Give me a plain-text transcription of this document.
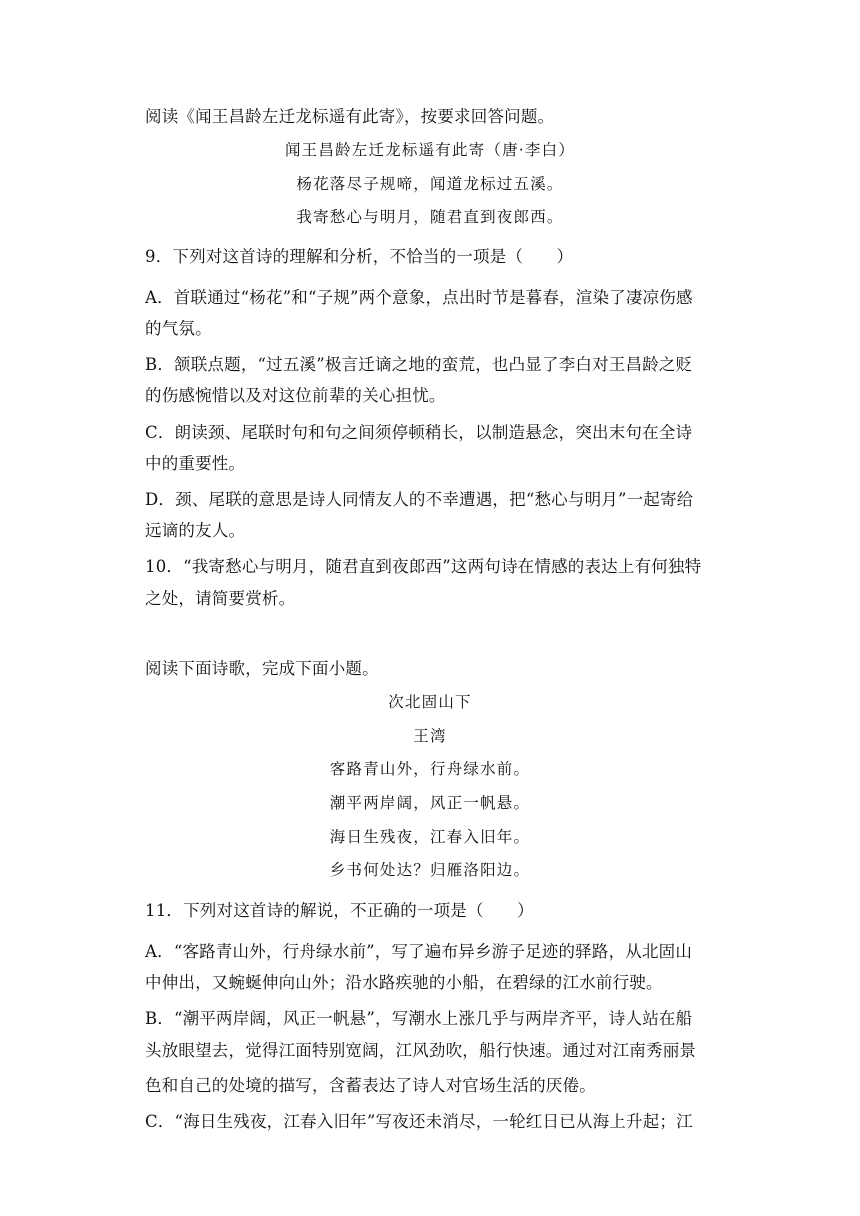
阅读《闻王昌龄左迁龙标遥有此寄》，按要求回答问题。
闻王昌龄左迁龙标遥有此寄（唐·李白）
杨花落尽子规啼，闻道龙标过五溪。
我寄愁心与明月，随君直到夜郎西。
9．下列对这首诗的理解和分析，不恰当的一项是（　　）
A．首联通过“杨花”和“子规”两个意象，点出时节是暮春，渲染了凄凉伤感
的气氛。
B．颔联点题，“过五溪”极言迁谪之地的蛮荒，也凸显了李白对王昌龄之贬
的伤感惋惜以及对这位前辈的关心担忧。
C．朗读颈、尾联时句和句之间须停顿稍长，以制造悬念，突出末句在全诗
中的重要性。
D．颈、尾联的意思是诗人同情友人的不幸遭遇，把“愁心与明月”一起寄给
远谪的友人。
10．“我寄愁心与明月，随君直到夜郎西”这两句诗在情感的表达上有何独特
之处，请简要赏析。
阅读下面诗歌，完成下面小题。
次北固山下
王湾
客路青山外，行舟绿水前。
潮平两岸阔，风正一帆悬。
海日生残夜，江春入旧年。
乡书何处达？归雁洛阳边。
11．下列对这首诗的解说，不正确的一项是（　　）
A．“客路青山外，行舟绿水前”，写了遍布异乡游子足迹的驿路，从北固山
中伸出，又蜿蜒伸向山外；沿水路疾驰的小船，在碧绿的江水前行驶。
B．“潮平两岸阔，风正一帆悬”，写潮水上涨几乎与两岸齐平，诗人站在船
头放眼望去，觉得江面特别宽阔，江风劲吹，船行快速。通过对江南秀丽景
色和自己的处境的描写，含蓄表达了诗人对官场生活的厌倦。
C．“海日生残夜，江春入旧年”写夜还未消尽，一轮红日已从海上升起；江
